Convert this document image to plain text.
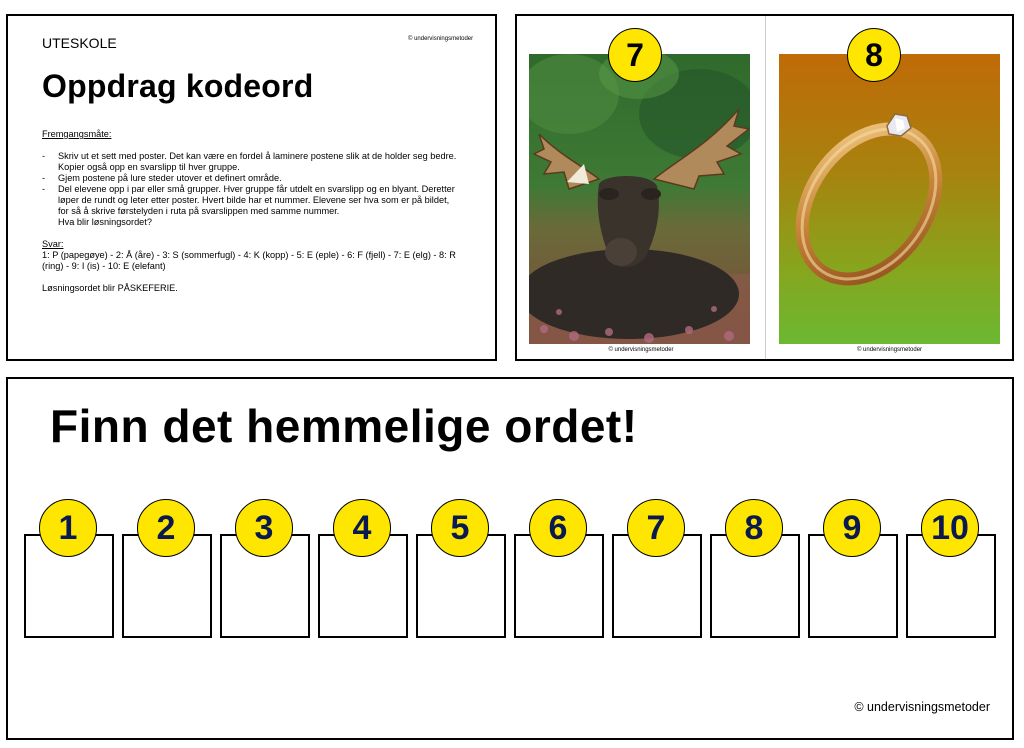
UTESKOLE	© undervisningsmetoder
Oppdrag kodeord
Fremgangsmåte:
- Skriv ut et sett med poster. Det kan være en fordel å laminere postene slik at de holder seg bedre. Kopier også opp en svarslipp til hver gruppe.
- Gjem postene på lure steder utover et definert område.
- Del elevene opp i par eller små grupper. Hver gruppe får utdelt en svarslipp og en blyant. Deretter løper de rundt og leter etter poster. Hvert bilde har et nummer. Elevene ser hva som er på bildet, for så å skrive førstelyden i ruta på svarslippen med samme nummer.
Hva blir løsningsordet?
Svar:
1: P (papegøye) - 2: Å (åre) - 3: S (sommerfugl) - 4: K (kopp) - 5: E (eple) - 6: F (fjell) - 7: E (elg) - 8: R (ring) - 9: I (is) - 10: E (elefant)
Løsningsordet blir PÅSKEFERIE.
7
© undervisningsmetoder
8
© undervisningsmetoder
Finn det hemmelige ordet!
1	2	3	4	5	6	7	8	9	10
© undervisningsmetoder
